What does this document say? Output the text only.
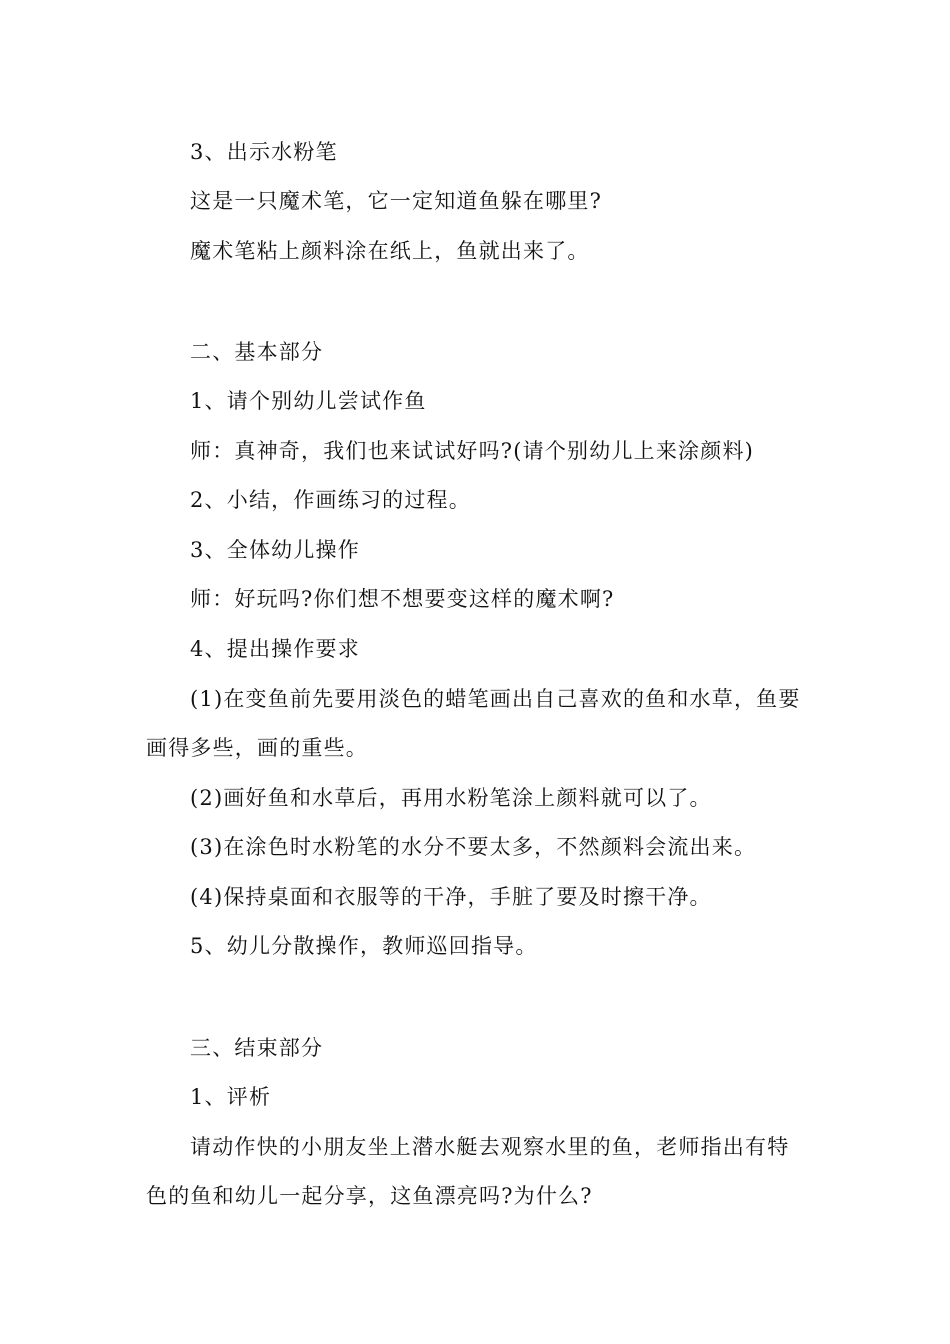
3、出示水粉笔
这是一只魔术笔，它一定知道鱼躲在哪里?
魔术笔粘上颜料涂在纸上，鱼就出来了。
二、基本部分
1、请个别幼儿尝试作鱼
师：真神奇，我们也来试试好吗?(请个别幼儿上来涂颜料)
2、小结，作画练习的过程。
3、全体幼儿操作
师：好玩吗?你们想不想要变这样的魔术啊?
4、提出操作要求
(1)在变鱼前先要用淡色的蜡笔画出自己喜欢的鱼和水草，鱼要
画得多些，画的重些。
(2)画好鱼和水草后，再用水粉笔涂上颜料就可以了。
(3)在涂色时水粉笔的水分不要太多，不然颜料会流出来。
(4)保持桌面和衣服等的干净，手脏了要及时擦干净。
5、幼儿分散操作，教师巡回指导。
三、结束部分
1、评析
请动作快的小朋友坐上潜水艇去观察水里的鱼，老师指出有特
色的鱼和幼儿一起分享，这鱼漂亮吗?为什么?
